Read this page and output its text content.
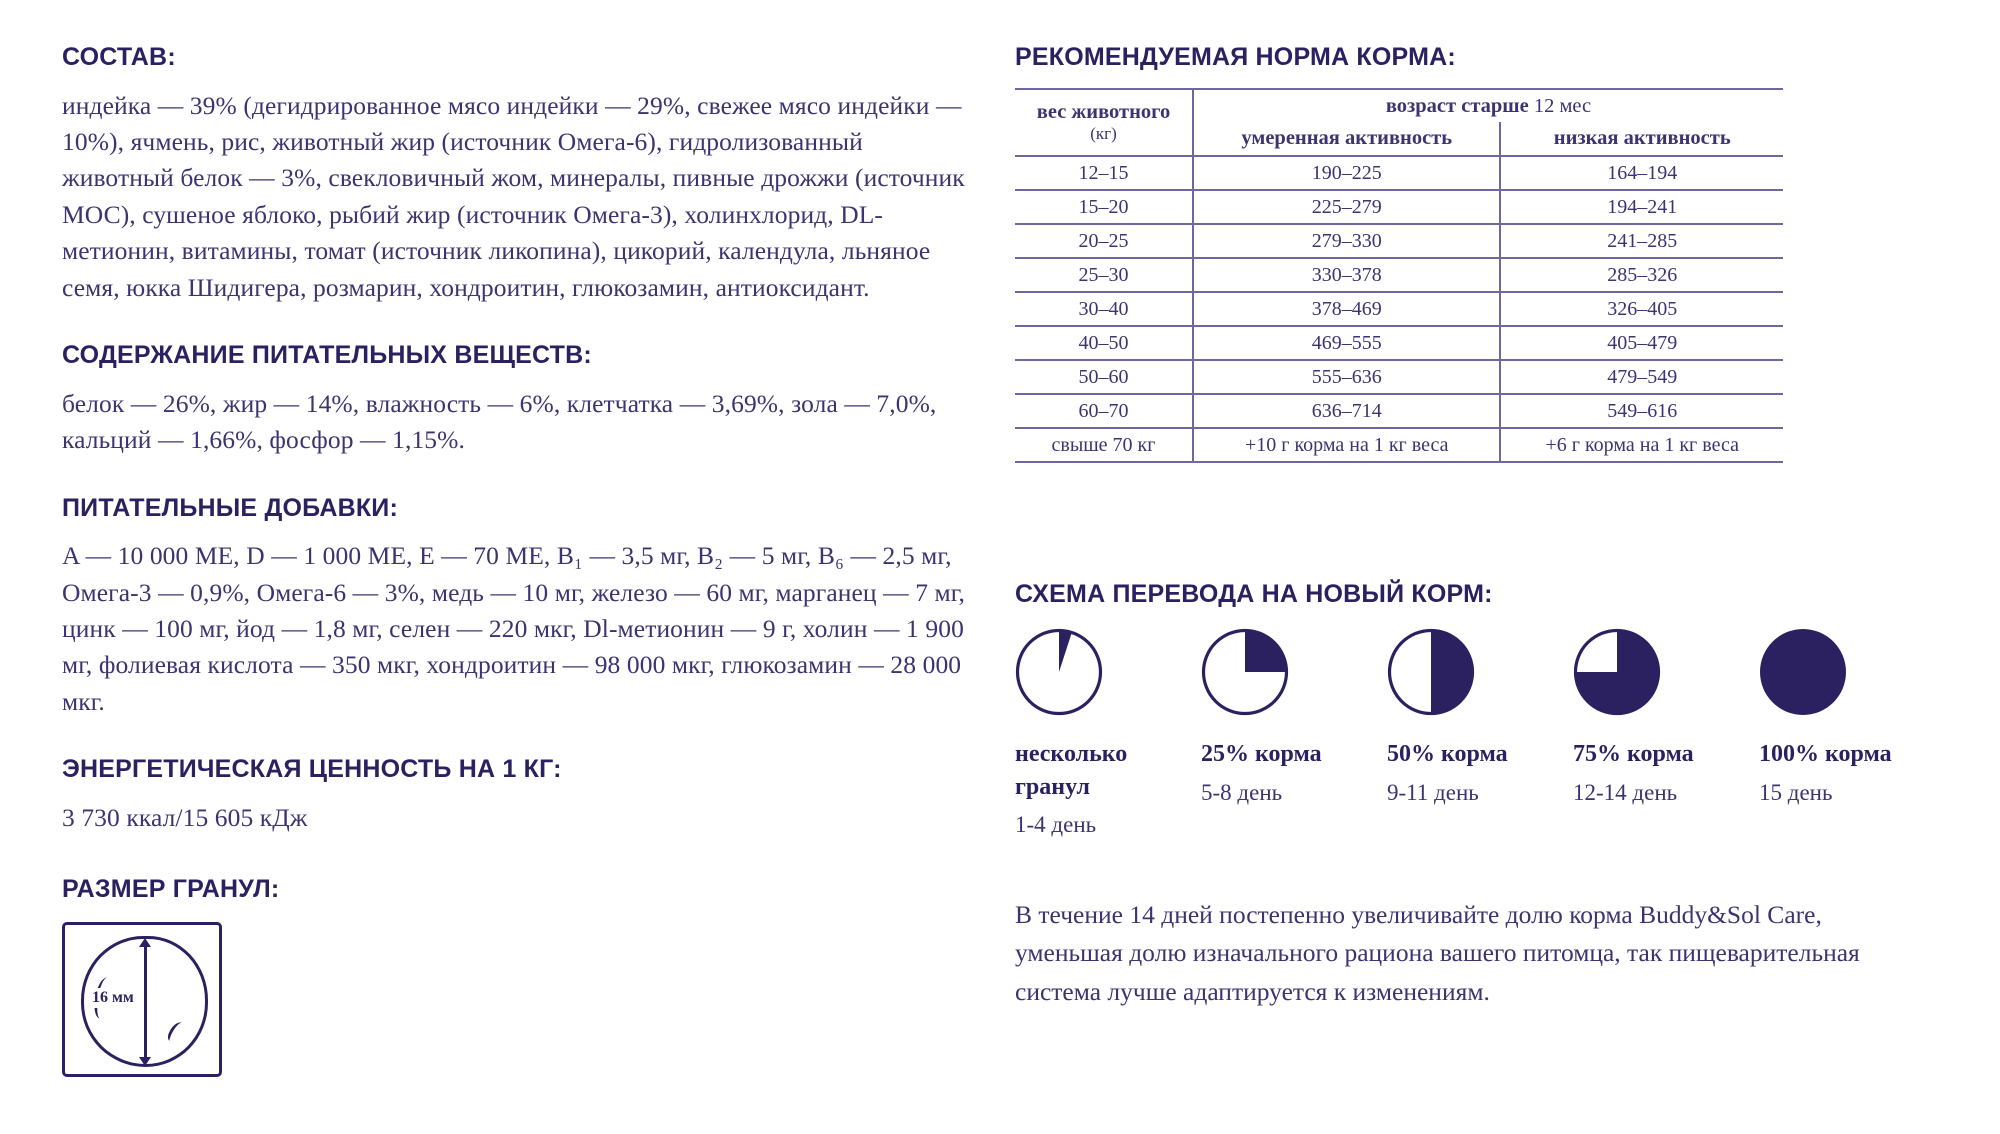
СОСТАВ:

индейка — 39% (дегидрированное мясо индейки — 29%, свежее мясо индейки — 10%), ячмень, рис, животный жир (источник Омега-6), гидролизованный животный белок — 3%, свекловичный жом, минералы, пивные дрожжи (источник МОС), сушеное яблоко, рыбий жир (источник Омега-3), холинхлорид, DL-метионин, витамины, томат (источник ликопина), цикорий, календула, льняное семя, юкка Шидигера, розмарин, хондроитин, глюкозамин, антиоксидант.

СОДЕРЖАНИЕ ПИТАТЕЛЬНЫХ ВЕЩЕСТВ:

белок — 26%, жир — 14%, влажность — 6%, клетчатка — 3,69%, зола — 7,0%, кальций — 1,66%, фосфор — 1,15%.

ПИТАТЕЛЬНЫЕ ДОБАВКИ:

A — 10 000 МЕ, D — 1 000 МЕ, E — 70 МЕ, B₁ — 3,5 мг, B₂ — 5 мг, B₆ — 2,5 мг, Омега-3 — 0,9%, Омега-6 — 3%, медь — 10 мг, железо — 60 мг, марганец — 7 мг, цинк — 100 мг, йод — 1,8 мг, селен — 220 мкг, Dl-метионин — 9 г, холин — 1 900 мг, фолиевая кислота — 350 мкг, хондроитин — 98 000 мкг, глюкозамин — 28 000 мкг.

ЭНЕРГЕТИЧЕСКАЯ ЦЕННОСТЬ НА 1 КГ:

3 730 ккал/15 605 кДж

РАЗМЕР ГРАНУЛ:
16 мм
РЕКОМЕНДУЕМАЯ НОРМА КОРМА:
вес животного
(кг)	возраст старше 12 мес	
	умеренная активность	низкая активность
12–15	190–225	164–194
15–20	225–279	194–241
20–25	279–330	241–285
25–30	330–378	285–326
30–40	378–469	326–405
40–50	469–555	405–479
50–60	555–636	479–549
60–70	636–714	549–616
свыше 70 кг	+10 г корма на 1 кг веса	+6 г корма на 1 кг веса
СХЕМА ПЕРЕВОДА НА НОВЫЙ КОРМ:
несколько гранул
1-4 день
25% корма
5-8 день
50% корма
9-11 день
75% корма
12-14 день
100% корма
15 день

В течение 14 дней постепенно увеличивайте долю корма Buddy&Sol Care, уменьшая долю изначального рациона вашего питомца, так пищеварительная система лучше адаптируется к изменениям.
